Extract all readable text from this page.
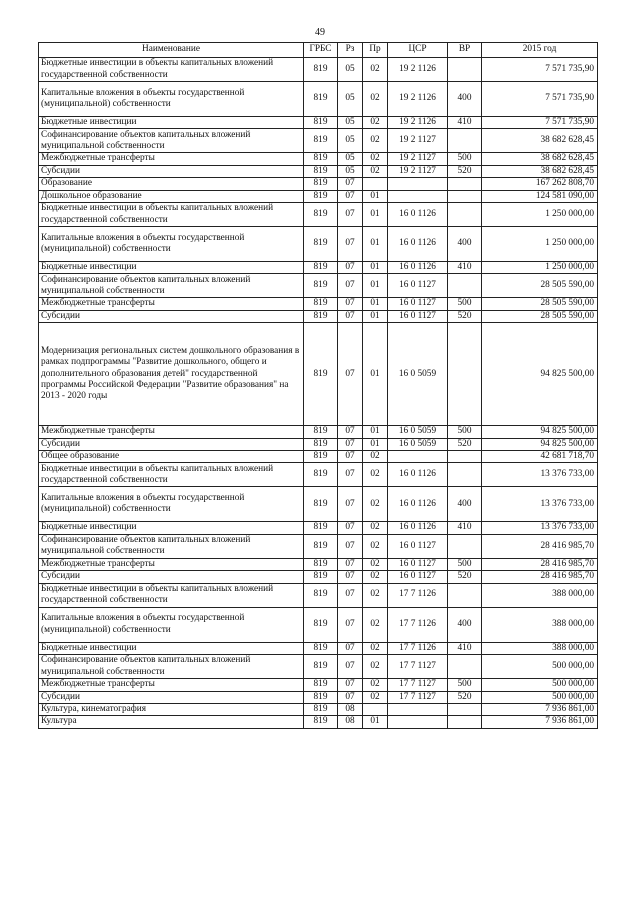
49
Наименование	ГРБС	Рз	Пр	ЦСР	ВР	2015 год
Бюджетные инвестиции в объекты капитальных вложений государственной собственности	819	05	02	19 2 1126		7 571 735,90
Капитальные вложения в объекты государственной (муниципальной) собственности	819	05	02	19 2 1126	400	7 571 735,90
Бюджетные инвестиции	819	05	02	19 2 1126	410	7 571 735,90
Софинансирование объектов капитальных вложений муниципальной собственности	819	05	02	19 2 1127		38 682 628,45
Межбюджетные трансферты	819	05	02	19 2 1127	500	38 682 628,45
Субсидии	819	05	02	19 2 1127	520	38 682 628,45
Образование	819	07				167 262 808,70
Дошкольное образование	819	07	01			124 581 090,00
Бюджетные инвестиции в объекты капитальных вложений государственной собственности	819	07	01	16 0 1126		1 250 000,00
Капитальные вложения в объекты государственной (муниципальной) собственности	819	07	01	16 0 1126	400	1 250 000,00
Бюджетные инвестиции	819	07	01	16 0 1126	410	1 250 000,00
Софинансирование объектов капитальных вложений муниципальной собственности	819	07	01	16 0 1127		28 505 590,00
Межбюджетные трансферты	819	07	01	16 0 1127	500	28 505 590,00
Субсидии	819	07	01	16 0 1127	520	28 505 590,00
Модернизация региональных систем дошкольного образования в рамках подпрограммы "Развитие дошкольного, общего и дополнительного образования детей" государственной программы Российской Федерации "Развитие образования" на 2013 - 2020 годы	819	07	01	16 0 5059		94 825 500,00
Межбюджетные трансферты	819	07	01	16 0 5059	500	94 825 500,00
Субсидии	819	07	01	16 0 5059	520	94 825 500,00
Общее образование	819	07	02			42 681 718,70
Бюджетные инвестиции в объекты капитальных вложений государственной собственности	819	07	02	16 0 1126		13 376 733,00
Капитальные вложения в объекты государственной (муниципальной) собственности	819	07	02	16 0 1126	400	13 376 733,00
Бюджетные инвестиции	819	07	02	16 0 1126	410	13 376 733,00
Софинансирование объектов капитальных вложений муниципальной собственности	819	07	02	16 0 1127		28 416 985,70
Межбюджетные трансферты	819	07	02	16 0 1127	500	28 416 985,70
Субсидии	819	07	02	16 0 1127	520	28 416 985,70
Бюджетные инвестиции в объекты капитальных вложений государственной собственности	819	07	02	17 7 1126		388 000,00
Капитальные вложения в объекты государственной (муниципальной) собственности	819	07	02	17 7 1126	400	388 000,00
Бюджетные инвестиции	819	07	02	17 7 1126	410	388 000,00
Софинансирование объектов капитальных вложений муниципальной собственности	819	07	02	17 7 1127		500 000,00
Межбюджетные трансферты	819	07	02	17 7 1127	500	500 000,00
Субсидии	819	07	02	17 7 1127	520	500 000,00
Культура, кинематография	819	08				7 936 861,00
Культура	819	08	01			7 936 861,00
